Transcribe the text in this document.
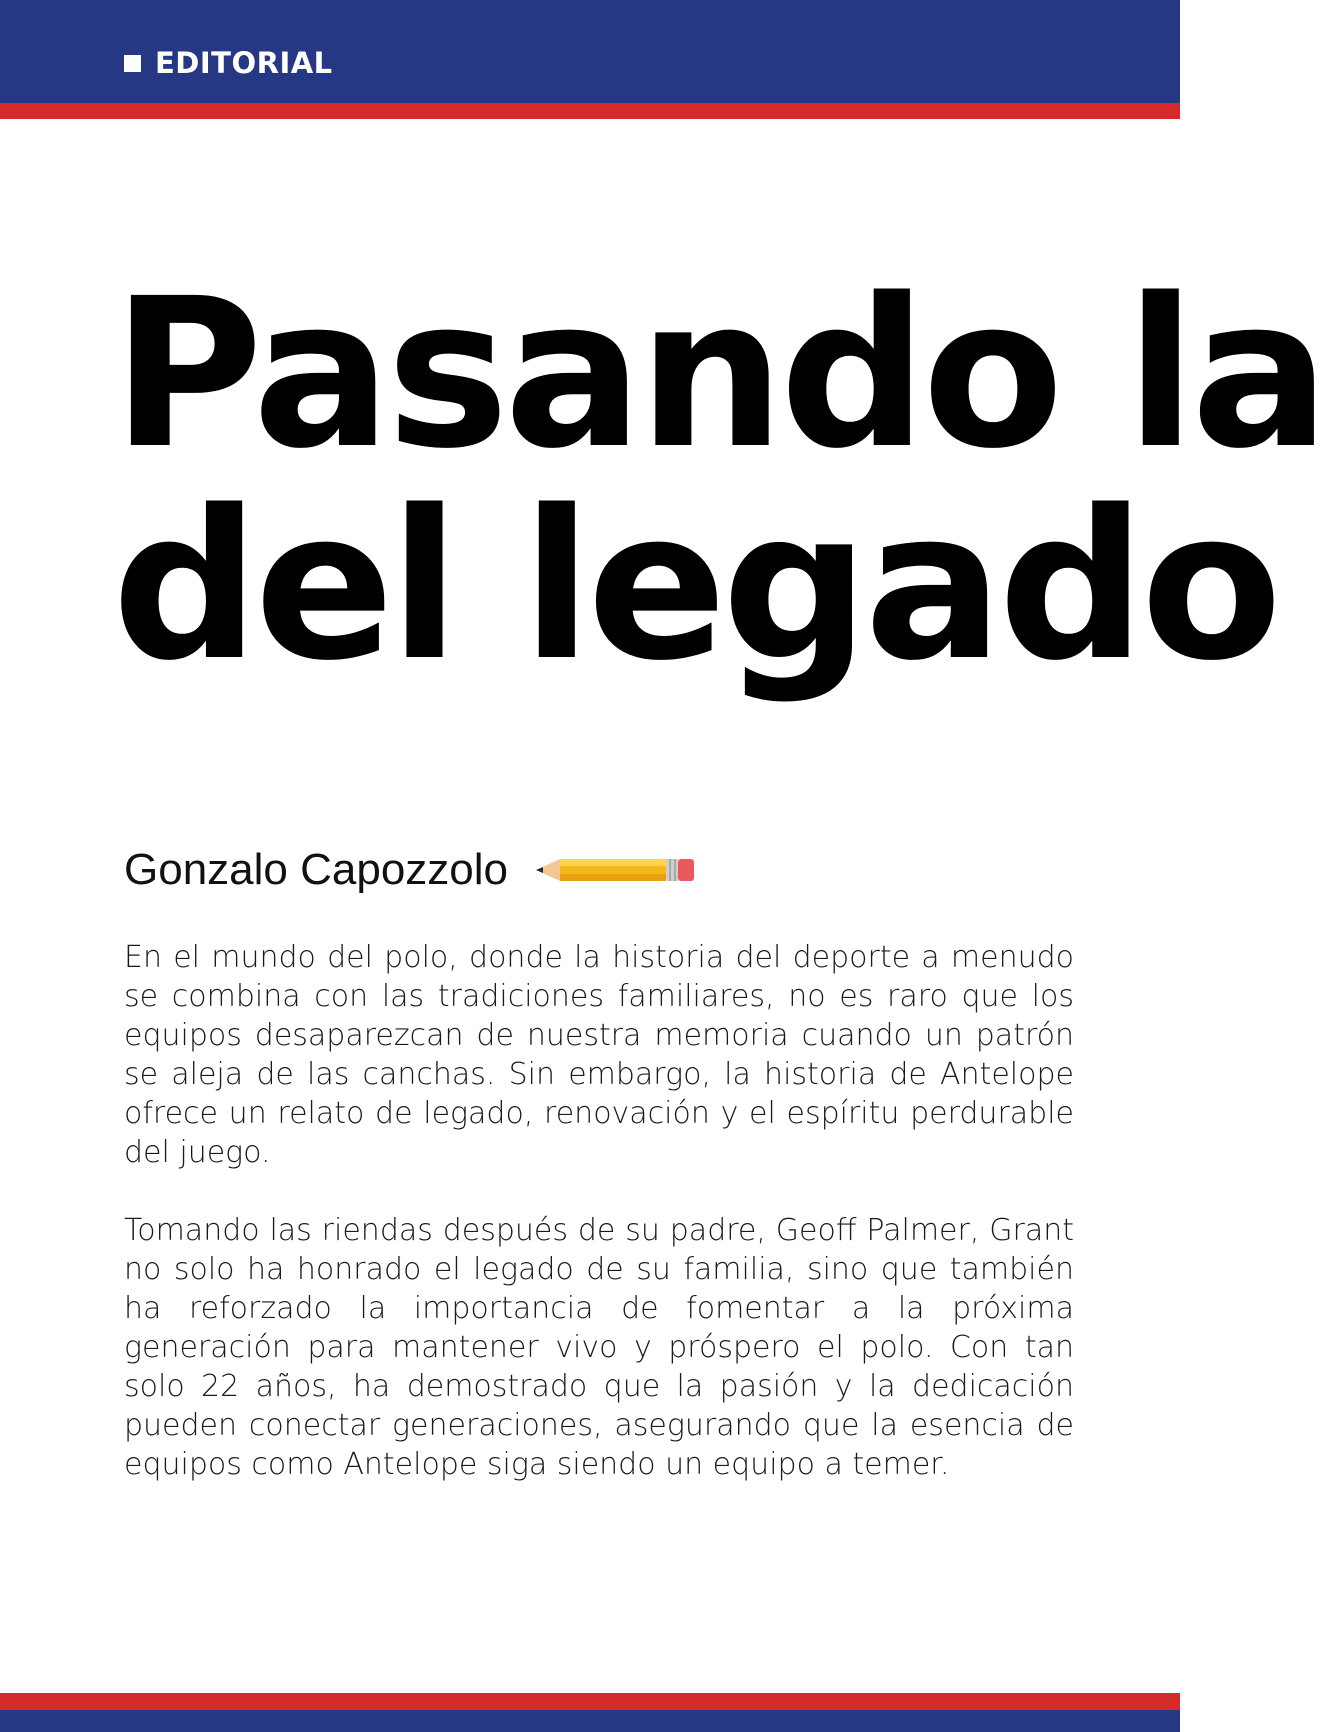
EDITORIAL
Pasando la
del legado
Gonzalo Capozzolo

En el mundo del polo, donde la historia del deporte a menudo se combina con las tradiciones familiares, no es raro que los equipos desaparezcan de nuestra memoria cuando un patrón se aleja de las canchas. Sin embargo, la historia de Antelope ofrece un relato de legado, renovación y el espíritu perdurable del juego.

Tomando las riendas después de su padre, Geoff Palmer, Grant no solo ha honrado el legado de su familia, sino que también ha reforzado la importancia de fomentar a la próxima generación para mantener vivo y próspero el polo. Con tan solo 22 años, ha demostrado que la pasión y la dedicación pueden conectar generaciones, asegurando que la esencia de equipos como Antelope siga siendo un equipo a temer.
